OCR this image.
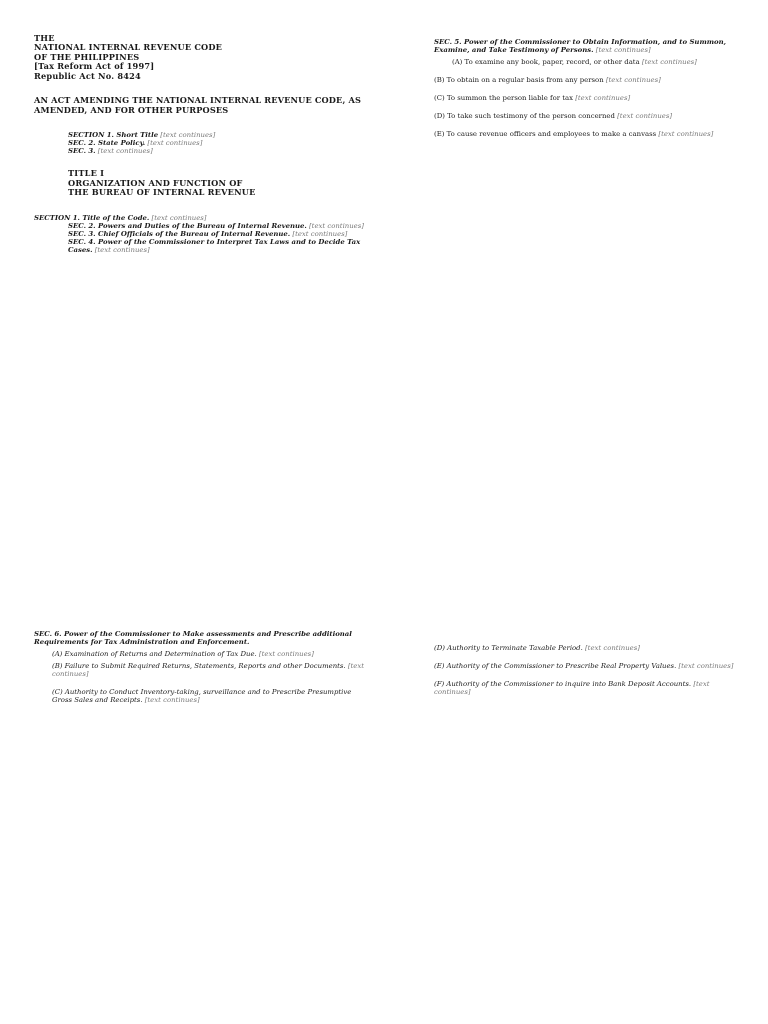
THE
NATIONAL INTERNAL REVENUE CODE
OF THE PHILIPPINES
[Tax Reform Act of 1997]
Republic Act No. 8424
AN ACT AMENDING THE NATIONAL INTERNAL REVENUE CODE, AS AMENDED, AND FOR OTHER PURPOSES

SECTION 1. Short Title [text continues]

SEC. 2. State Policy. [text continues]

SEC. 3. [text continues]

TITLE I
ORGANIZATION AND FUNCTION OF
THE BUREAU OF INTERNAL REVENUE

SECTION 1. Title of the Code. [text continues]

SEC. 2. Powers and Duties of the Bureau of Internal Revenue. [text continues]

SEC. 3. Chief Officials of the Bureau of Internal Revenue. [text continues]

SEC. 4. Power of the Commissioner to Interpret Tax Laws and to Decide Tax Cases. [text continues]

SEC. 5. Power of the Commissioner to Obtain Information, and to Summon, Examine, and Take Testimony of Persons. [text continues]

(A) To examine any book, paper, record, or other data [text continues]

(B) To obtain on a regular basis from any person [text continues]

(C) To summon the person liable for tax [text continues]

(D) To take such testimony of the person concerned [text continues]

(E) To cause revenue officers and employees to make a canvass [text continues]

SEC. 6. Power of the Commissioner to Make assessments and Prescribe additional Requirements for Tax Administration and Enforcement.

(A) Examination of Returns and Determination of Tax Due. [text continues]

(B) Failure to Submit Required Returns, Statements, Reports and other Documents. [text continues]

(C) Authority to Conduct Inventory-taking, surveillance and to Prescribe Presumptive Gross Sales and Receipts. [text continues]

(D) Authority to Terminate Taxable Period. [text continues]

(E) Authority of the Commissioner to Prescribe Real Property Values. [text continues]

(F) Authority of the Commissioner to inquire into Bank Deposit Accounts. [text continues]
